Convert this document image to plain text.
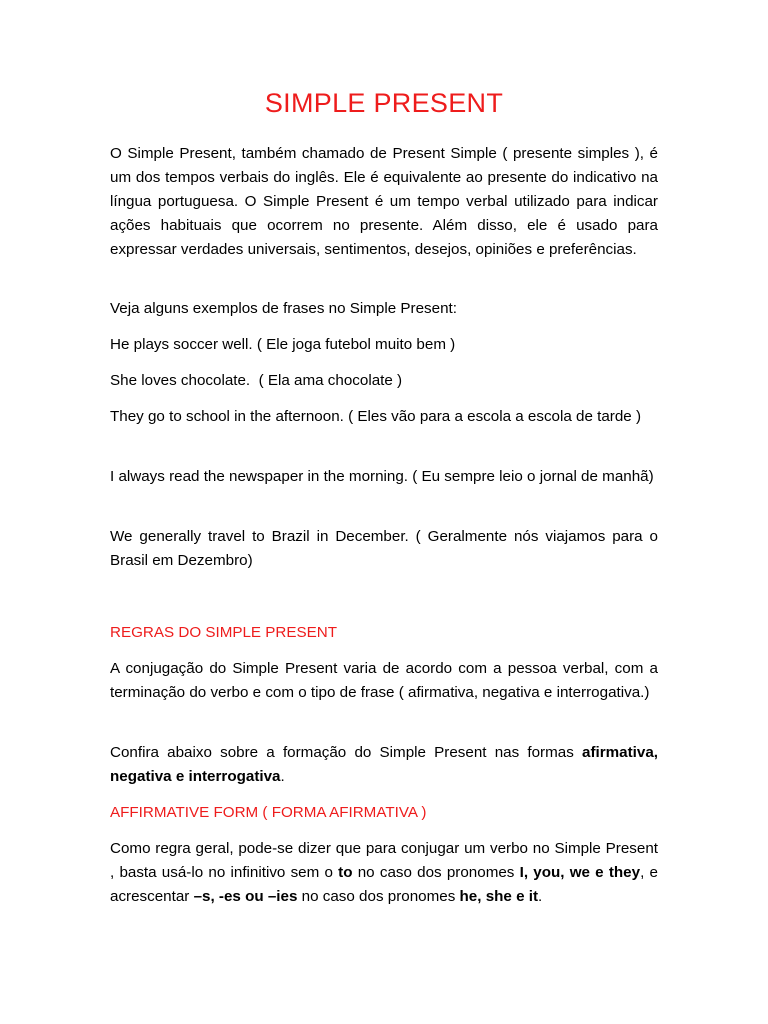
SIMPLE PRESENT

O Simple Present, também chamado de Present Simple ( presente simples ), é um dos tempos verbais do inglês. Ele é equivalente ao presente do indicativo na língua portuguesa. O Simple Present é um tempo verbal utilizado para indicar ações habituais que ocorrem no presente. Além disso, ele é usado para expressar verdades universais, sentimentos, desejos, opiniões e preferências.

Veja alguns exemplos de frases no Simple Present:

He plays soccer well. ( Ele joga futebol muito bem )

She loves chocolate.  ( Ela ama chocolate )

They go to school in the afternoon. ( Eles vão para a escola a escola de tarde )

I always read the newspaper in the morning. ( Eu sempre leio o jornal de manhã)

We generally travel to Brazil in December. ( Geralmente nós viajamos para o Brasil em Dezembro)

REGRAS DO SIMPLE PRESENT

A conjugação do Simple Present varia de acordo com a pessoa verbal, com a terminação do verbo e com o tipo de frase ( afirmativa, negativa e interrogativa.)

Confira abaixo sobre a formação do Simple Present nas formas afirmativa, negativa e interrogativa.

AFFIRMATIVE FORM ( FORMA AFIRMATIVA )

Como regra geral, pode-se dizer que para conjugar um verbo no Simple Present , basta usá-lo no infinitivo sem o to no caso dos pronomes I, you, we e they, e acrescentar –s, -es ou –ies no caso dos pronomes he, she e it.
